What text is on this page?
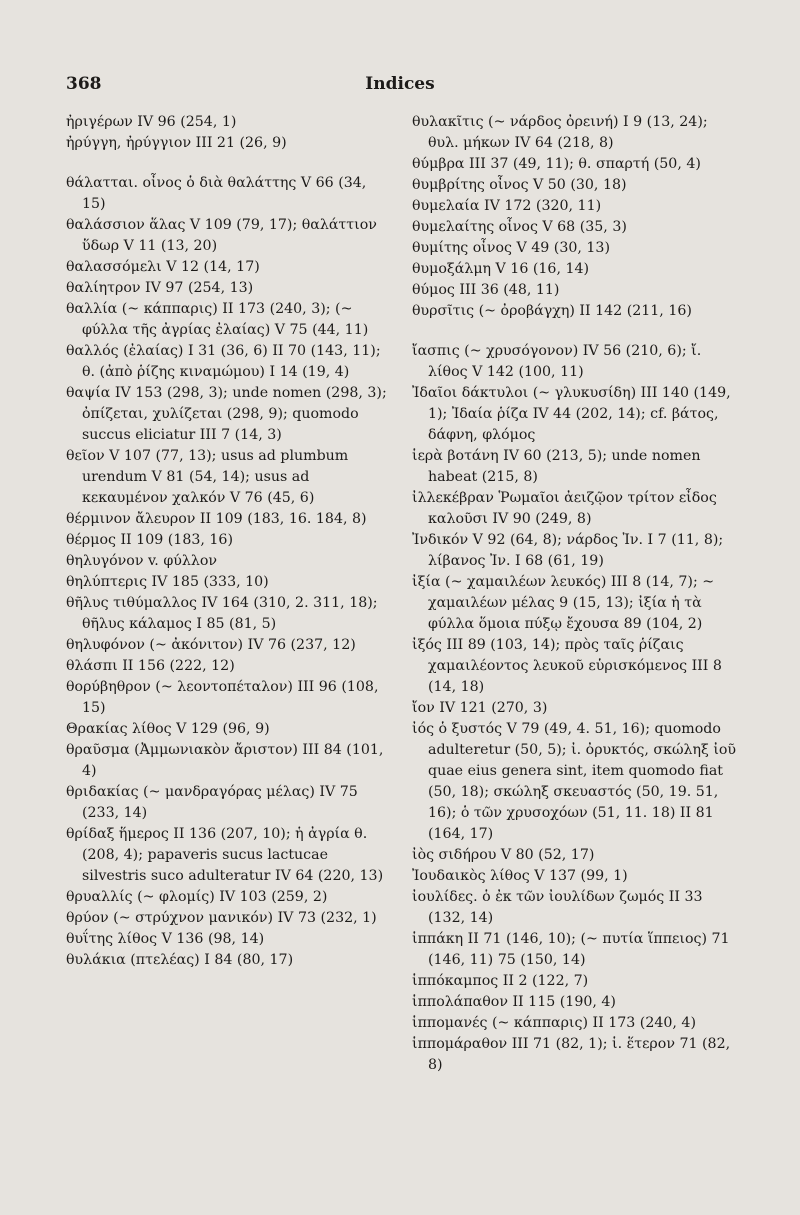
368	Indices

ἠριγέρων IV 96 (254, 1)

ἠρύγγη, ἠρύγγιον III 21 (26, 9)

θάλατται. οἶνος ὁ διὰ θαλάττης V 66 (34, 15)

θαλάσσιον ἅλας V 109 (79, 17); θαλάττιον ὕδωρ V 11 (13, 20)

θαλασσόμελι V 12 (14, 17)

θαλίητρον IV 97 (254, 13)

θαλλία (~ κάππαρις) II 173 (240, 3); (~ φύλλα τῆς ἀγρίας ἐλαίας) V 75 (44, 11)

θαλλός (ἐλαίας) I 31 (36, 6) II 70 (143, 11); θ. (ἀπὸ ῥίζης κιναμώμου) I 14 (19, 4)

θαψία IV 153 (298, 3); unde nomen (298, 3); ὀπίζεται, χυλίζεται (298, 9); quomodo succus eliciatur III 7 (14, 3)

θεῖον V 107 (77, 13); usus ad plumbum urendum V 81 (54, 14); usus ad κεκαυμένον χαλκόν V 76 (45, 6)

θέρμινον ἄλευρον II 109 (183, 16. 184, 8)

θέρμος II 109 (183, 16)

θηλυγόνον v. φύλλον

θηλύπτερις IV 185 (333, 10)

θῆλυς τιθύμαλλος IV 164 (310, 2. 311, 18); θῆλυς κάλαμος I 85 (81, 5)

θηλυφόνον (~ ἀκόνιτον) IV 76 (237, 12)

θλάσπι II 156 (222, 12)

θορύβηθρον (~ λεοντοπέταλον) III 96 (108, 15)

Θρακίας λίθος V 129 (96, 9)

θραῦσμα (Ἀμμωνιακὸν ἄριστον) III 84 (101, 4)

θριδακίας (~ μανδραγόρας μέλας) IV 75 (233, 14)

θρίδαξ ἥμερος II 136 (207, 10); ἡ ἀγρία θ. (208, 4); papaveris sucus lactucae silvestris suco adulteratur IV 64 (220, 13)

θρυαλλίς (~ φλομίς) IV 103 (259, 2)

θρύον (~ στρύχνον μανικόν) IV 73 (232, 1)

θυΐτης λίθος V 136 (98, 14)

θυλάκια (πτελέας) I 84 (80, 17)

θυλακῖτις (~ νάρδος ὀρεινή) I 9 (13, 24); θυλ. μήκων IV 64 (218, 8)

θύμβρα III 37 (49, 11); θ. σπαρτή (50, 4)

θυμβρίτης οἶνος V 50 (30, 18)

θυμελαία IV 172 (320, 11)

θυμελαίτης οἶνος V 68 (35, 3)

θυμίτης οἶνος V 49 (30, 13)

θυμοξάλμη V 16 (16, 14)

θύμος III 36 (48, 11)

θυρσῖτις (~ ὀροβάγχη) II 142 (211, 16)

ἴασπις (~ χρυσόγονον) IV 56 (210, 6); ἴ. λίθος V 142 (100, 11)

Ἰδαῖοι δάκτυλοι (~ γλυκυσίδη) III 140 (149, 1); Ἰδαία ῥίζα IV 44 (202, 14); cf. βάτος, δάφνη, φλόμος

ἱερὰ βοτάνη IV 60 (213, 5); unde nomen habeat (215, 8)

ἰλλεκέβραν Ῥωμαῖοι ἀειζῷον τρίτον εἶδος καλοῦσι IV 90 (249, 8)

Ἰνδικόν V 92 (64, 8); νάρδος Ἰν. I 7 (11, 8); λίβανος Ἰν. I 68 (61, 19)

ἰξία (~ χαμαιλέων λευκός) III 8 (14, 7); ~ χαμαιλέων μέλας 9 (15, 13); ἰξία ἡ τὰ φύλλα ὅμοια πύξῳ ἔχουσα 89 (104, 2)

ἰξός III 89 (103, 14); πρὸς ταῖς ῥίζαις χαμαιλέοντος λευκοῦ εὑρισκόμενος III 8 (14, 18)

ἴον IV 121 (270, 3)

ἰός ὁ ξυστός V 79 (49, 4. 51, 16); quomodo adulteretur (50, 5); ἰ. ὀρυκτός, σκώληξ ἰοῦ quae eius genera sint, item quomodo fiat (50, 18); σκώληξ σκευαστός (50, 19. 51, 16); ὁ τῶν χρυσοχόων (51, 11. 18) II 81 (164, 17)

ἰὸς σιδήρου V 80 (52, 17)

Ἰουδαικὸς λίθος V 137 (99, 1)

ἰουλίδες. ὁ ἐκ τῶν ἰουλίδων ζωμός II 33 (132, 14)

ἱππάκη II 71 (146, 10); (~ πυτία ἵππειος) 71 (146, 11) 75 (150, 14)

ἱππόκαμπος II 2 (122, 7)

ἱππολάπαθον II 115 (190, 4)

ἱππομανές (~ κάππαρις) II 173 (240, 4)

ἱππομάραθον III 71 (82, 1); ἱ. ἕτερον 71 (82, 8)
